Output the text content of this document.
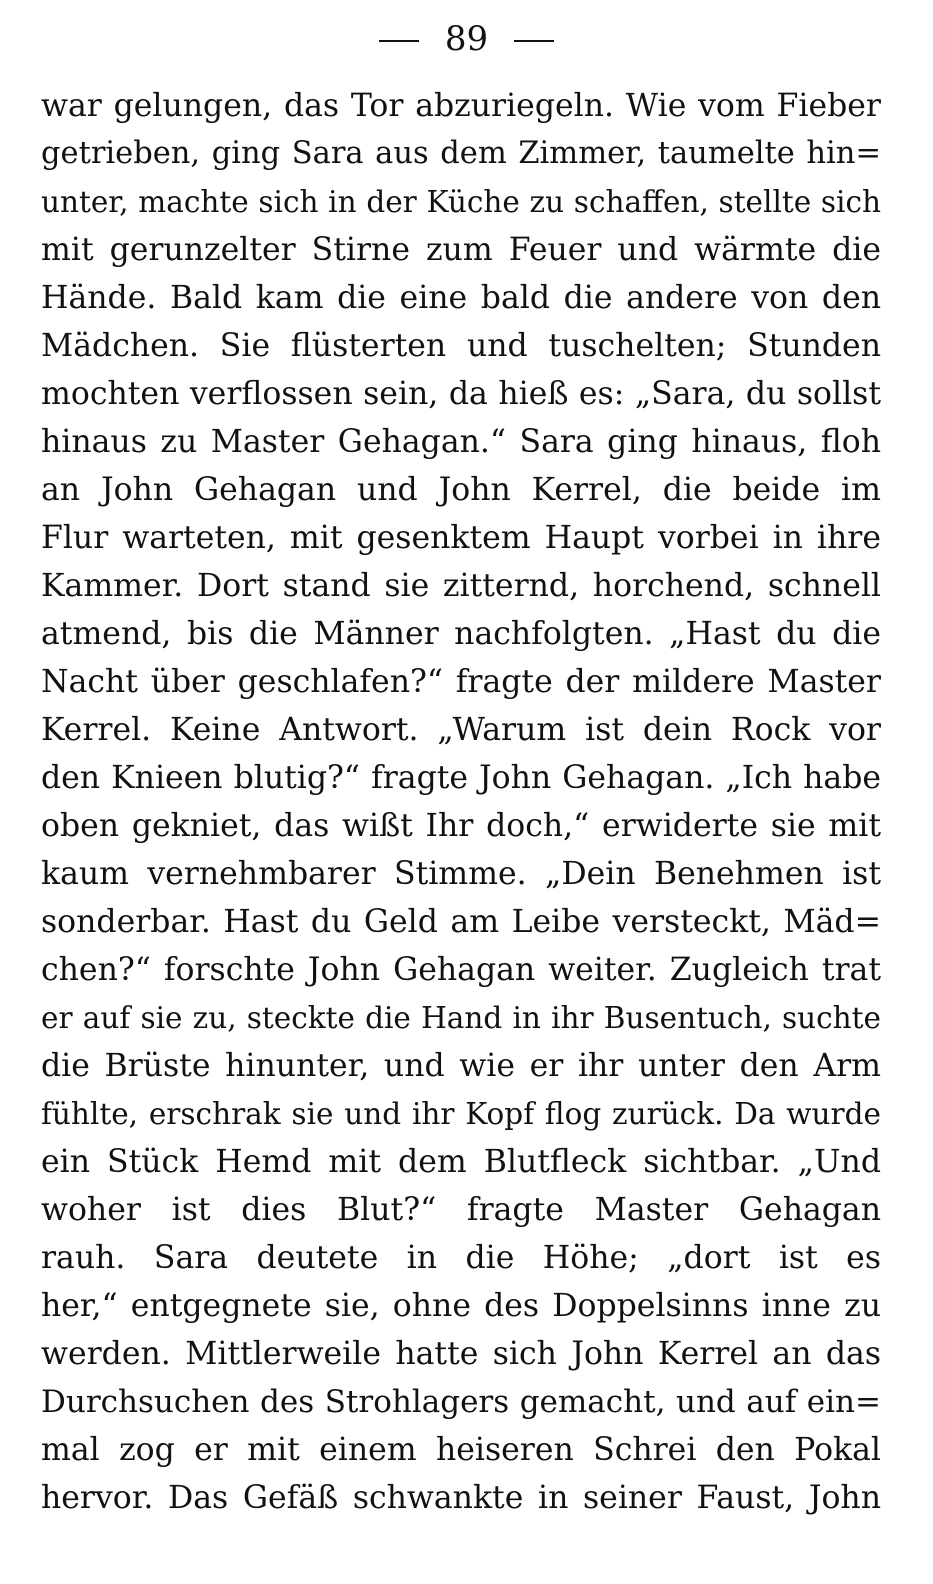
89
war gelungen, das Tor abzuriegeln. Wie vom Fieber
getrieben, ging Sara aus dem Zimmer, taumelte hin=
unter, machte sich in der Küche zu schaffen, stellte sich
mit gerunzelter Stirne zum Feuer und wärmte die
Hände. Bald kam die eine bald die andere von den
Mädchen. Sie flüsterten und tuschelten; Stunden
mochten verflossen sein, da hieß es: „Sara, du sollst
hinaus zu Master Gehagan.“ Sara ging hinaus, floh
an John Gehagan und John Kerrel, die beide im
Flur warteten, mit gesenktem Haupt vorbei in ihre
Kammer. Dort stand sie zitternd, horchend, schnell
atmend, bis die Männer nachfolgten. „Hast du die
Nacht über geschlafen?“ fragte der mildere Master
Kerrel. Keine Antwort. „Warum ist dein Rock vor
den Knieen blutig?“ fragte John Gehagan. „Ich habe
oben gekniet, das wißt Ihr doch,“ erwiderte sie mit
kaum vernehmbarer Stimme. „Dein Benehmen ist
sonderbar. Hast du Geld am Leibe versteckt, Mäd=
chen?“ forschte John Gehagan weiter. Zugleich trat
er auf sie zu, steckte die Hand in ihr Busentuch, suchte
die Brüste hinunter, und wie er ihr unter den Arm
fühlte, erschrak sie und ihr Kopf flog zurück. Da wurde
ein Stück Hemd mit dem Blutfleck sichtbar. „Und
woher ist dies Blut?“ fragte Master Gehagan
rauh. Sara deutete in die Höhe; „dort ist es
her,“ entgegnete sie, ohne des Doppelsinns inne zu
werden. Mittlerweile hatte sich John Kerrel an das
Durchsuchen des Strohlagers gemacht, und auf ein=
mal zog er mit einem heiseren Schrei den Pokal
hervor. Das Gefäß schwankte in seiner Faust, John
